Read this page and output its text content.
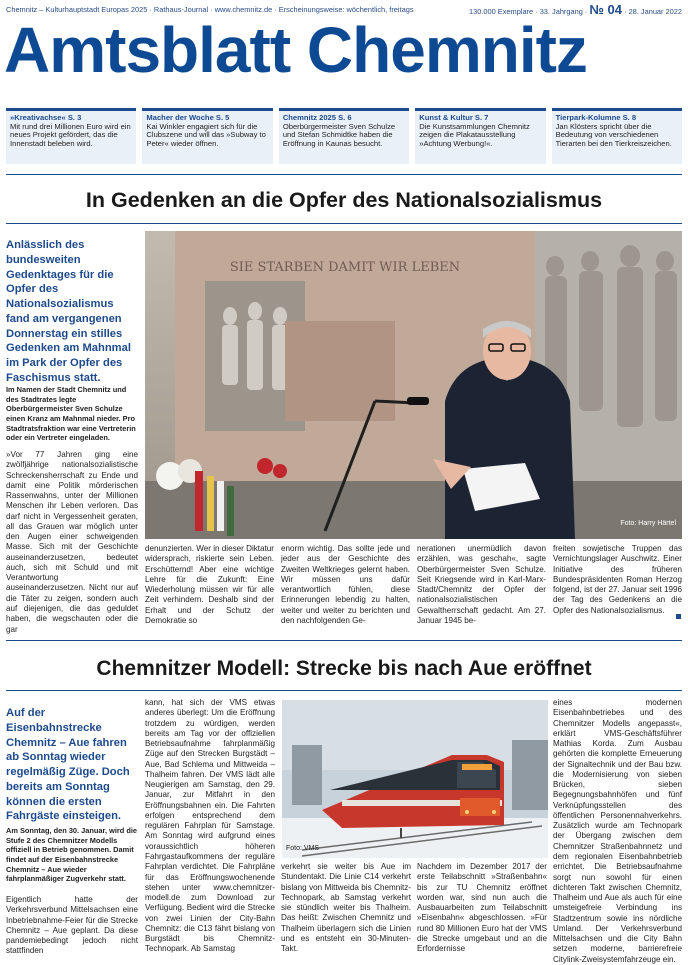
Chemnitz – Kulturhauptstadt Europas 2025 · Rathaus-Journal · www.chemnitz.de · Erscheinungsweise: wöchentlich, freitags	130.000 Exemplare · 33. Jahrgang · № 04 · 28. Januar 2022
Amtsblatt Chemnitz
»Kreativachse« S. 3
Mit rund drei Millionen Euro wird ein neues Projekt gefördert, das die Innenstadt beleben wird.
Macher der Woche S. 5
Kai Winkler engagiert sich für die Clubszene und will das »Subway to Peter« wieder öffnen.
Chemnitz 2025 S. 6
Oberbürgermeister Sven Schulze und Stefan Schmidtke haben die Eröffnung in Kaunas besucht.
Kunst & Kultur S. 7
Die Kunstsammlungen Chemnitz zeigen die Plakatausstellung »Achtung Werbung!«.
Tierpark-Kolumne S. 8
Jan Klösters spricht über die Bedeutung von verschiedenen Tierarten bei den Tierkreiszeichen.
In Gedenken an die Opfer des Nationalsozialismus
Anlässlich des bundesweiten Gedenktages für die Opfer des Nationalsozialismus fand am vergangenen Donnerstag ein stilles Gedenken am Mahnmal im Park der Opfer des Faschismus statt.
Im Namen der Stadt Chemnitz und des Stadtrates legte Oberbürgermeister Sven Schulze einen Kranz am Mahnmal nieder. Pro Stadtratsfraktion war eine Vertreterin oder ein Vertreter eingeladen.
»Vor 77 Jahren ging eine zwölfjährige nationalsozialistische Schreckensherrschaft zu Ende und damit eine Politik mörderischen Rassenwahns, unter der Millionen Menschen ihr Leben verloren. Das darf nicht in Vergessenheit geraten, all das Grauen war möglich unter den Augen einer schweigenden Masse. Sich mit der Geschichte auseinanderzusetzen, bedeutet auch, sich mit Schuld und mit Verantwortung auseinanderzusetzen. Nicht nur auf die Täter zu zeigen, sondern auch auf diejenigen, die das geduldet haben, die wegschauten oder die gar
SIE STARBEN DAMIT WIR LEBEN
Foto: Harry Härtel
denunzierten. Wer in dieser Diktatur widersprach, riskierte sein Leben. Erschütternd! Aber eine wichtige Lehre für die Zukunft: Eine Wiederholung müssen wir für alle Zeit verhindern. Deshalb sind der Erhalt und der Schutz der Demokratie so
enorm wichtig. Das sollte jede und jeder aus der Geschichte des Zweiten Weltkrieges gelernt haben. Wir müssen uns dafür verantwortlich fühlen, diese Erinnerungen lebendig zu halten, weiter und weiter zu berichten und den nachfolgenden Ge-
nerationen unermüdlich davon erzählen, was geschah«, sagte Oberbürgermeister Sven Schulze. Seit Kriegsende wird in Karl-Marx-Stadt/Chemnitz der Opfer der nationalsozialistischen Gewaltherrschaft gedacht. Am 27. Januar 1945 be-
freiten sowjetische Truppen das Vernichtungslager Auschwitz. Einer Initiative des früheren Bundespräsidenten Roman Herzog folgend, ist der 27. Januar seit 1996 der Tag des Gedenkens an die Opfer des Nationalsozialismus.
Chemnitzer Modell: Strecke bis nach Aue eröffnet
Auf der Eisenbahnstrecke Chemnitz – Aue fahren ab Sonntag wieder regelmäßig Züge. Doch bereits am Sonntag können die ersten Fahrgäste einsteigen.
Am Sonntag, den 30. Januar, wird die Stufe 2 des Chemnitzer Modells offiziell in Betrieb genommen. Damit findet auf der Eisenbahnstrecke Chemnitz – Aue wieder fahrplanmäßiger Zugverkehr statt.
Eigentlich hatte der Verkehrsverbund Mittelsachsen eine Inbetriebnahme-Feier für die Strecke Chemnitz – Aue geplant. Da diese pandemiebedingt jedoch nicht stattfinden
kann, hat sich der VMS etwas anderes überlegt: Um die Eröffnung trotzdem zu würdigen, werden bereits am Tag vor der offiziellen Betriebsaufnahme fahrplanmäßig Züge auf den Strecken Burgstädt – Aue, Bad Schlema und Mittweida – Thalheim fahren. Der VMS lädt alle Neugierigen am Samstag, den 29. Januar, zur Mitfahrt in den Eröffnungsbahnen ein. Die Fahrten erfolgen entsprechend dem regulären Fahrplan für Samstage. Am Sonntag wird aufgrund eines voraussichtlich höheren Fahrgastaufkommens der reguläre Fahrplan verdichtet. Die Fahrpläne für das Eröffnungswochenende stehen unter www.chemnitzer-modell.de zum Download zur Verfügung. Bedient wird die Strecke von zwei Linien der City-Bahn Chemnitz: die C13 fährt bislang von Burgstädt bis Chemnitz-Technopark. Ab Samstag
Foto: VMS
verkehrt sie weiter bis Aue im Stundentakt. Die Linie C14 verkehrt bislang von Mittweida bis Chemnitz-Technopark, ab Samstag verkehrt sie stündlich weiter bis Thalheim. Das heißt: Zwischen Chemnitz und Thalheim überlagern sich die Linien und es entsteht ein 30-Minuten-Takt.
Nachdem im Dezember 2017 der erste Teilabschnitt »Straßenbahn« bis zur TU Chemnitz eröffnet worden war, sind nun auch die Ausbauarbeiten zum Teilabschnitt »Eisenbahn« abgeschlossen. »Für rund 80 Millionen Euro hat der VMS die Strecke umgebaut und an die Erfordernisse
eines modernen Eisenbahnbetriebes und des Chemnitzer Modells angepasst«, erklärt VMS-Geschäftsführer Mathias Korda. Zum Ausbau gehörten die komplette Erneuerung der Signaltechnik und der Bau bzw. die Modernisierung von sieben Brücken, sieben Begegnungsbahnhöfen und fünf Verknüpfungsstellen des öffentlichen Personennahverkehrs. Zusätzlich wurde am Technopark der Übergang zwischen dem Chemnitzer Straßenbahnnetz und dem regionalen Eisenbahnbetrieb errichtet. Die Betriebsaufnahme sorgt nun sowohl für einen dichteren Takt zwischen Chemnitz, Thalheim und Aue als auch für eine umsteigefreie Verbindung ins Stadtzentrum sowie ins nördliche Umland. Der Verkehrsverbund Mittelsachsen und die City Bahn setzen moderne, barrierefreie Citylink-Zweisystemfahrzeuge ein.
